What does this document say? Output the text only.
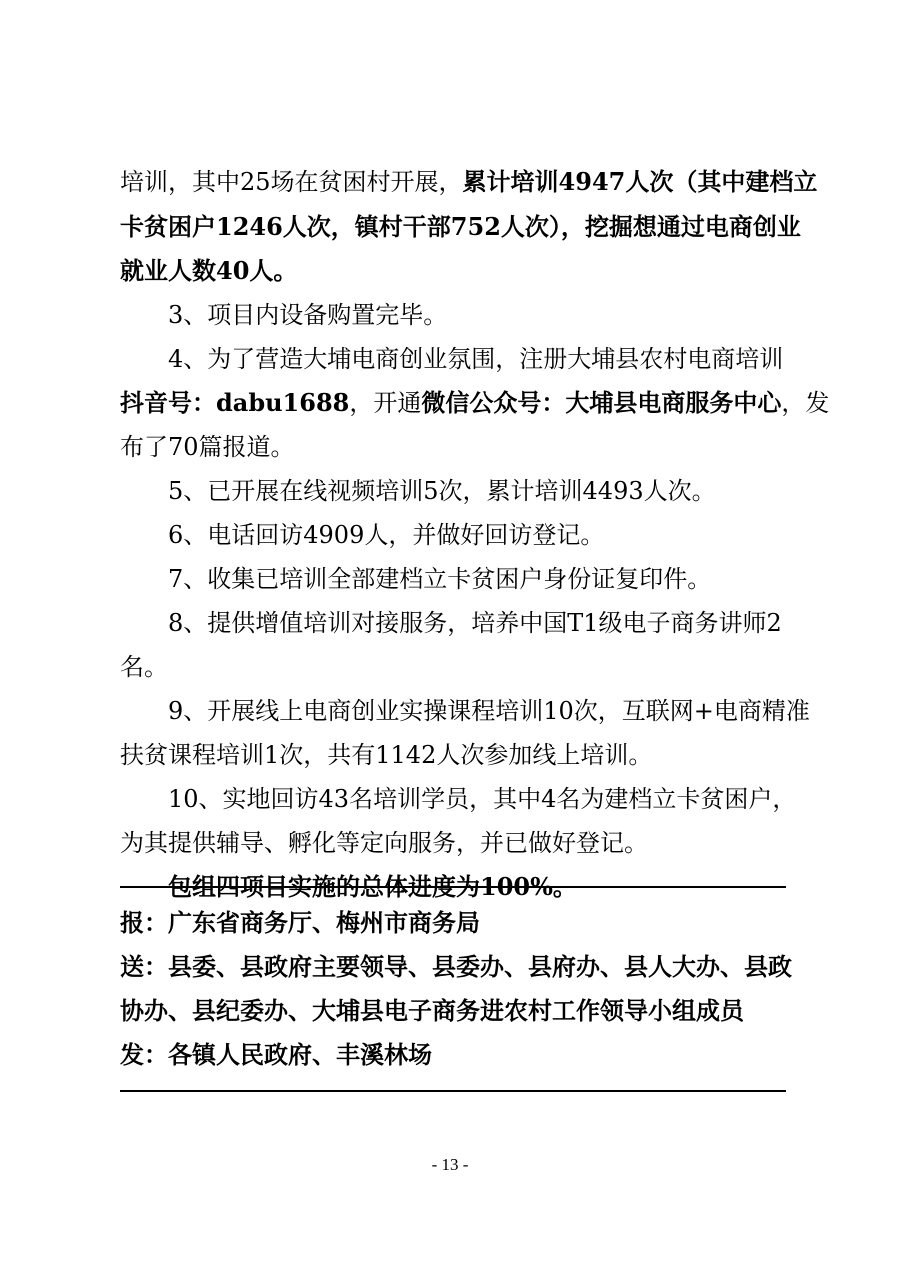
培训，其中25场在贫困村开展，累计培训4947人次（其中建档立
卡贫困户1246人次，镇村干部752人次），挖掘想通过电商创业
就业人数40人。
3、项目内设备购置完毕。
4、为了营造大埔电商创业氛围，注册大埔县农村电商培训
抖音号：dabu1688，开通微信公众号：大埔县电商服务中心，发
布了70篇报道。
5、已开展在线视频培训5次，累计培训4493人次。
6、电话回访4909人，并做好回访登记。
7、收集已培训全部建档立卡贫困户身份证复印件。
8、提供增值培训对接服务，培养中国T1级电子商务讲师2
名。
9、开展线上电商创业实操课程培训10次，互联网+电商精准
扶贫课程培训1次，共有1142人次参加线上培训。
10、实地回访43名培训学员，其中4名为建档立卡贫困户，
为其提供辅导、孵化等定向服务，并已做好登记。
包组四项目实施的总体进度为100%。
报：广东省商务厅、梅州市商务局
送：县委、县政府主要领导、县委办、县府办、县人大办、县政
协办、县纪委办、大埔县电子商务进农村工作领导小组成员
发：各镇人民政府、丰溪林场
- 13 -
